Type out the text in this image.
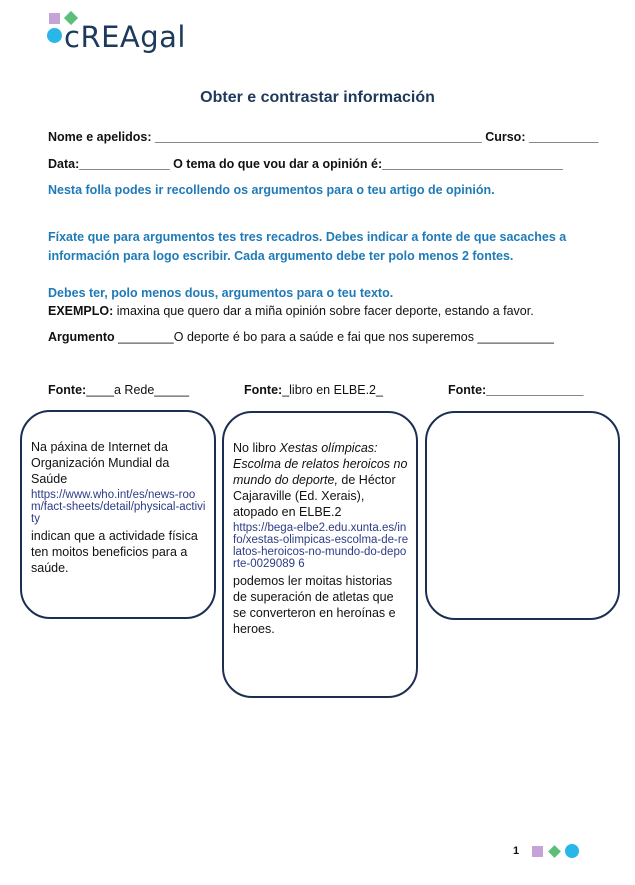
cREAgal
Obter e contrastar información
Nome e apelidos: _______________________________________________ Curso: __________
Data:_____________ O tema do que vou dar a opinión é:__________________________
Nesta folla podes ir recollendo os argumentos para o teu artigo de opinión.
Fíxate que para argumentos tes tres recadros. Debes indicar a fonte de que sacaches a información para logo escribir. Cada argumento debe ter polo menos 2 fontes.
Debes ter, polo menos dous, argumentos para o teu texto.
EXEMPLO: imaxina que quero dar a miña opinión sobre facer deporte, estando a favor.
Argumento ________O deporte é bo para a saúde e fai que nos superemos ___________
Fonte:____a Rede_____	Fonte:_libro en ELBE.2_	Fonte:______________
Na páxina de Internet da Organización Mundial da Saúde
https://www.who.int/es/news-room/fact-sheets/detail/physical-activity
indican que a actividade física ten moitos beneficios para a saúde.
No libro Xestas olímpicas: Escolma de relatos heroicos no mundo do deporte, de Héctor Cajaraville (Ed. Xerais), atopado en ELBE.2
https://bega-elbe2.edu.xunta.es/info/xestas-olimpicas-escolma-de-relatos-heroicos-no-mundo-do-deporte-0029089 6
podemos ler moitas historias de superación de atletas que se converteron en heroínas e heroes.
1
